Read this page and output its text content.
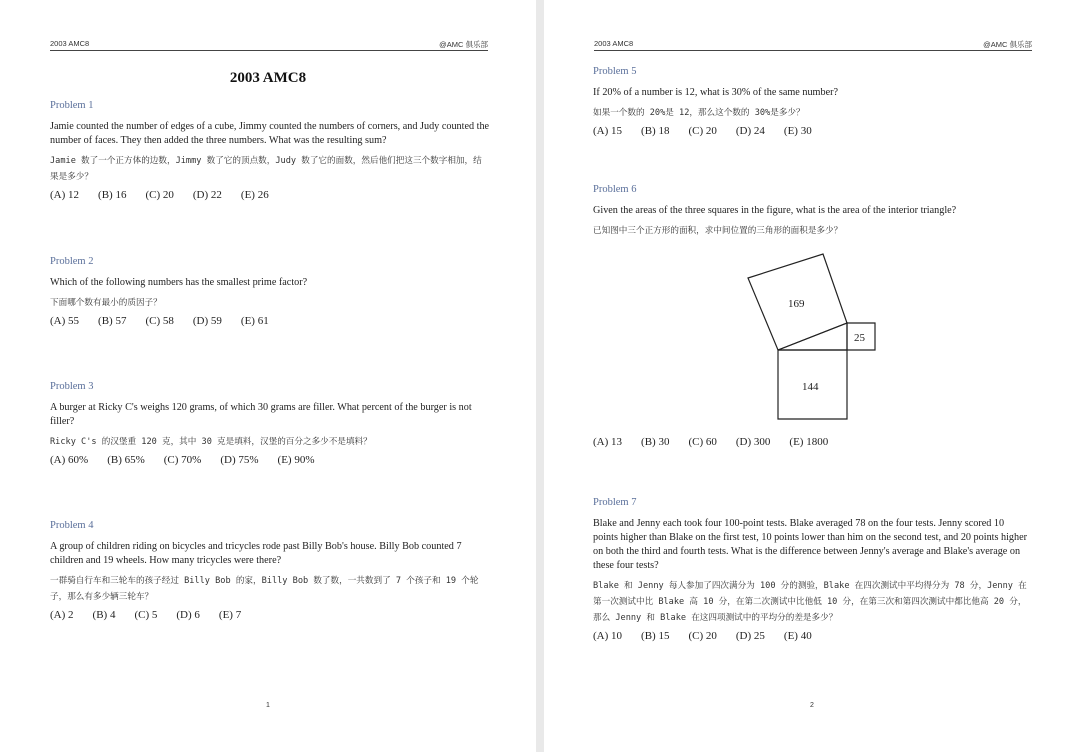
2003 AMC8	@AMC 俱乐部
2003 AMC8

Problem 1

Jamie counted the number of edges of a cube, Jimmy counted the numbers of corners, and Judy counted the number of faces. They then added the three numbers. What was the resulting sum?

Jamie 数了一个正方体的边数，Jimmy 数了它的顶点数，Judy 数了它的面数，然后他们把这三个数字相加，结果是多少？

(A) 12 (B) 16 (C) 20 (D) 22 (E) 26

Problem 2

Which of the following numbers has the smallest prime factor?

下面哪个数有最小的质因子？

(A) 55 (B) 57 (C) 58 (D) 59 (E) 61

Problem 3

A burger at Ricky C's weighs 120 grams, of which 30 grams are filler. What percent of the burger is not filler?

Ricky C's 的汉堡重 120 克，其中 30 克是填料，汉堡的百分之多少不是填料？

(A) 60% (B) 65% (C) 70% (D) 75% (E) 90%

Problem 4

A group of children riding on bicycles and tricycles rode past Billy Bob's house. Billy Bob counted 7 children and 19 wheels. How many tricycles were there?

一群骑自行车和三轮车的孩子经过 Billy Bob 的家，Billy Bob 数了数，一共数到了 7 个孩子和 19 个轮子，那么有多少辆三轮车？

(A) 2 (B) 4 (C) 5 (D) 6 (E) 7
1
2003 AMC8	@AMC 俱乐部

Problem 5

If 20% of a number is 12, what is 30% of the same number?

如果一个数的 20%是 12，那么这个数的 30%是多少？

(A) 15 (B) 18 (C) 20 (D) 24 (E) 30

Problem 6

Given the areas of the three squares in the figure, what is the area of the interior triangle?

已知图中三个正方形的面积，求中间位置的三角形的面积是多少？

(A) 13 (B) 30 (C) 60 (D) 300 (E) 1800

Problem 7

Blake and Jenny each took four 100-point tests. Blake averaged 78 on the four tests. Jenny scored 10 points higher than Blake on the first test, 10 points lower than him on the second test, and 20 points higher on both the third and fourth tests. What is the difference between Jenny's average and Blake's average on these four tests?

Blake 和 Jenny 每人参加了四次满分为 100 分的测验，Blake 在四次测试中平均得分为 78 分，Jenny 在第一次测试中比 Blake 高 10 分，在第二次测试中比他低 10 分，在第三次和第四次测试中都比他高 20 分，那么 Jenny 和 Blake 在这四项测试中的平均分的差是多少？

(A) 10 (B) 15 (C) 20 (D) 25 (E) 40
2
169
25
144
